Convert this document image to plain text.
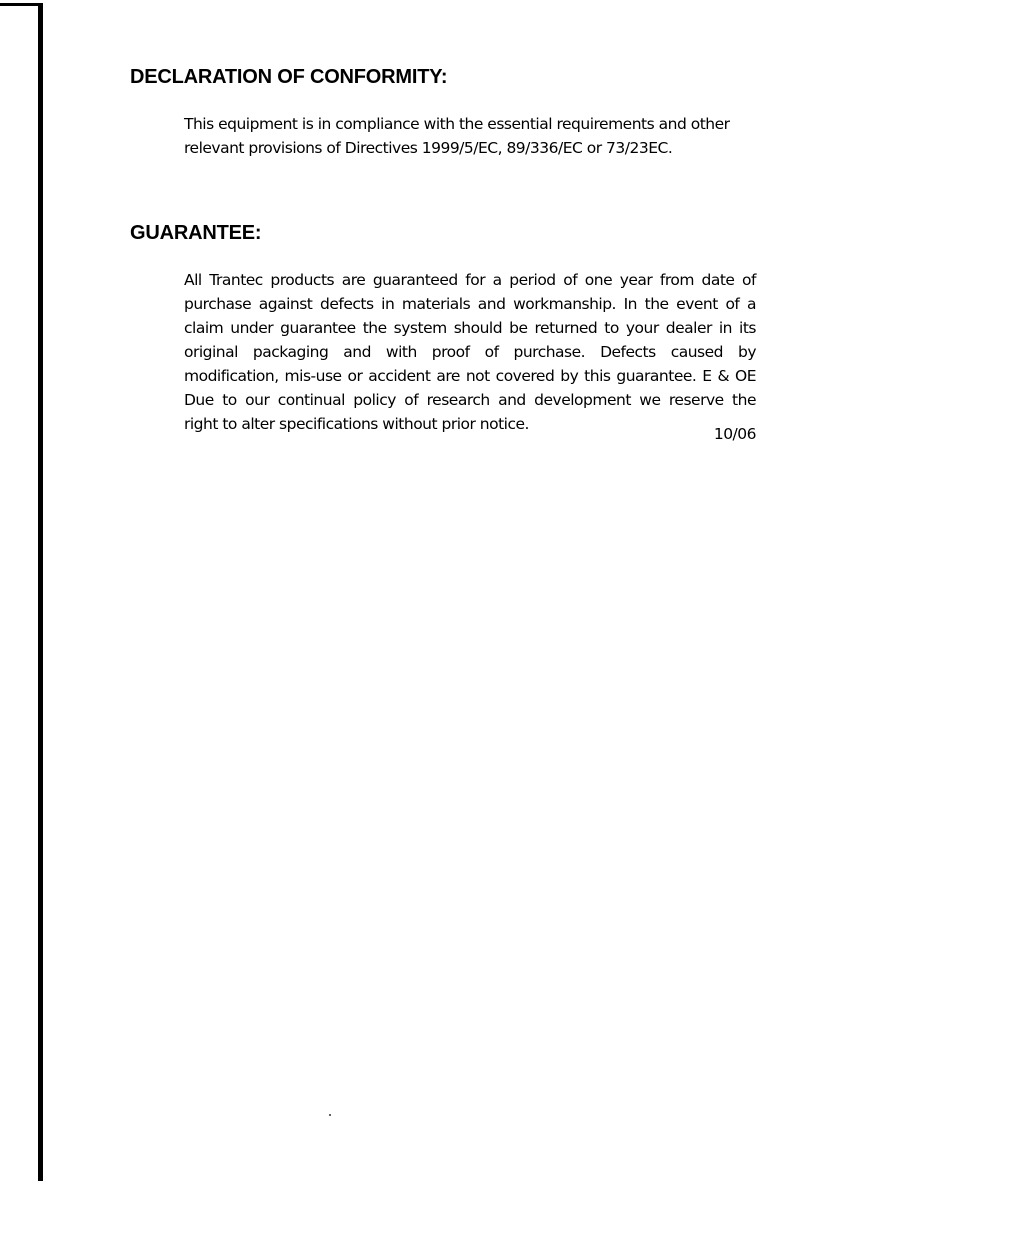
DECLARATION OF CONFORMITY:

This equipment is in compliance with the essential requirements and other
relevant provisions of Directives 1999/5/EC, 89/336/EC or 73/23EC.

GUARANTEE:

All Trantec products are guaranteed for a period of one year from date of
purchase against defects in materials and workmanship. In the event of a
claim under guarantee the system should be returned to your dealer in its
original packaging and with proof of purchase. Defects caused by
modification, mis-use or accident are not covered by this guarantee. E & OE
Due to our continual policy of research and development we reserve the
right to alter specifications without prior notice.

10/06
